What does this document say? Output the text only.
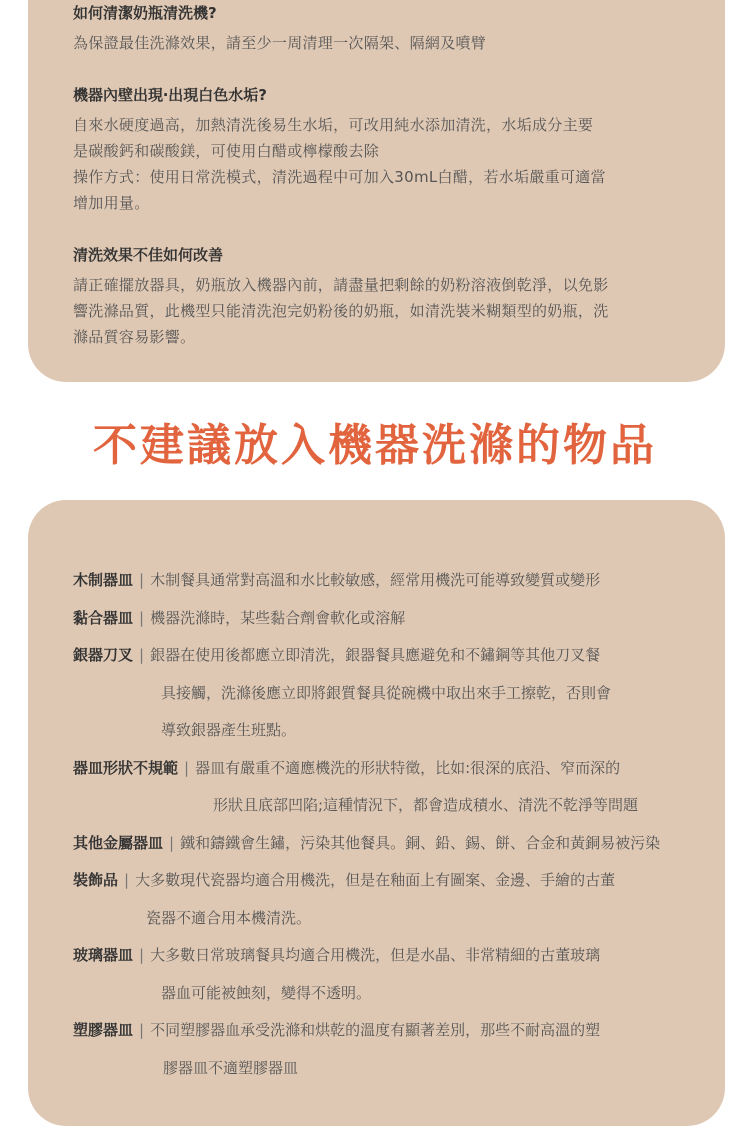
如何清潔奶瓶清洗機?

為保證最佳洗滌效果，請至少一周清理一次隔架、隔網及噴臂

機器內壁出現‧出現白色水垢?

自來水硬度過高，加熱清洗後易生水垢，可改用純水添加清洗，水垢成分主要
是碳酸鈣和碳酸鎂，可使用白醋或檸檬酸去除
操作方式：使用日常洗模式，清洗過程中可加入30mL白醋，若水垢嚴重可適當
增加用量。

清洗效果不佳如何改善

請正確擺放器具，奶瓶放入機器內前，請盡量把剩餘的奶粉溶液倒乾淨，以免影
響洗滌品質，此機型只能清洗泡完奶粉後的奶瓶，如清洗裝米糊類型的奶瓶，洗
滌品質容易影響。

不建議放入機器洗滌的物品
木制器皿 | 木制餐具通常對高溫和水比較敏感，經常用機洗可能導致變質或變形
黏合器皿 | 機器洗滌時，某些黏合劑會軟化或溶解
銀器刀叉 | 銀器在使用後都應立即清洗，銀器餐具應避免和不鏽鋼等其他刀叉餐
具接觸，洗滌後應立即將銀質餐具從碗機中取出來手工擦乾，否則會
導致銀器產生班點。
器皿形狀不規範 | 器皿有嚴重不適應機洗的形狀特徵，比如:很深的底沿、窄而深的
形狀且底部凹陷;這種情況下，都會造成積水、清洗不乾淨等問題
其他金屬器皿 | 鐵和鑄鐵會生鏽，污染其他餐具。銅、鉛、錫、餅、合金和黃銅易被污染
裝飾品 | 大多數現代瓷器均適合用機洗，但是在釉面上有圖案、金邊、手繪的古董
瓷器不適合用本機清洗。
玻璃器皿 | 大多數日常玻璃餐具均適合用機洗，但是水晶、非常精細的古董玻璃
器血可能被蝕刻，變得不透明。
塑膠器皿 | 不同塑膠器血承受洗滌和烘乾的溫度有顯著差別，那些不耐高溫的塑
膠器皿不適塑膠器皿
